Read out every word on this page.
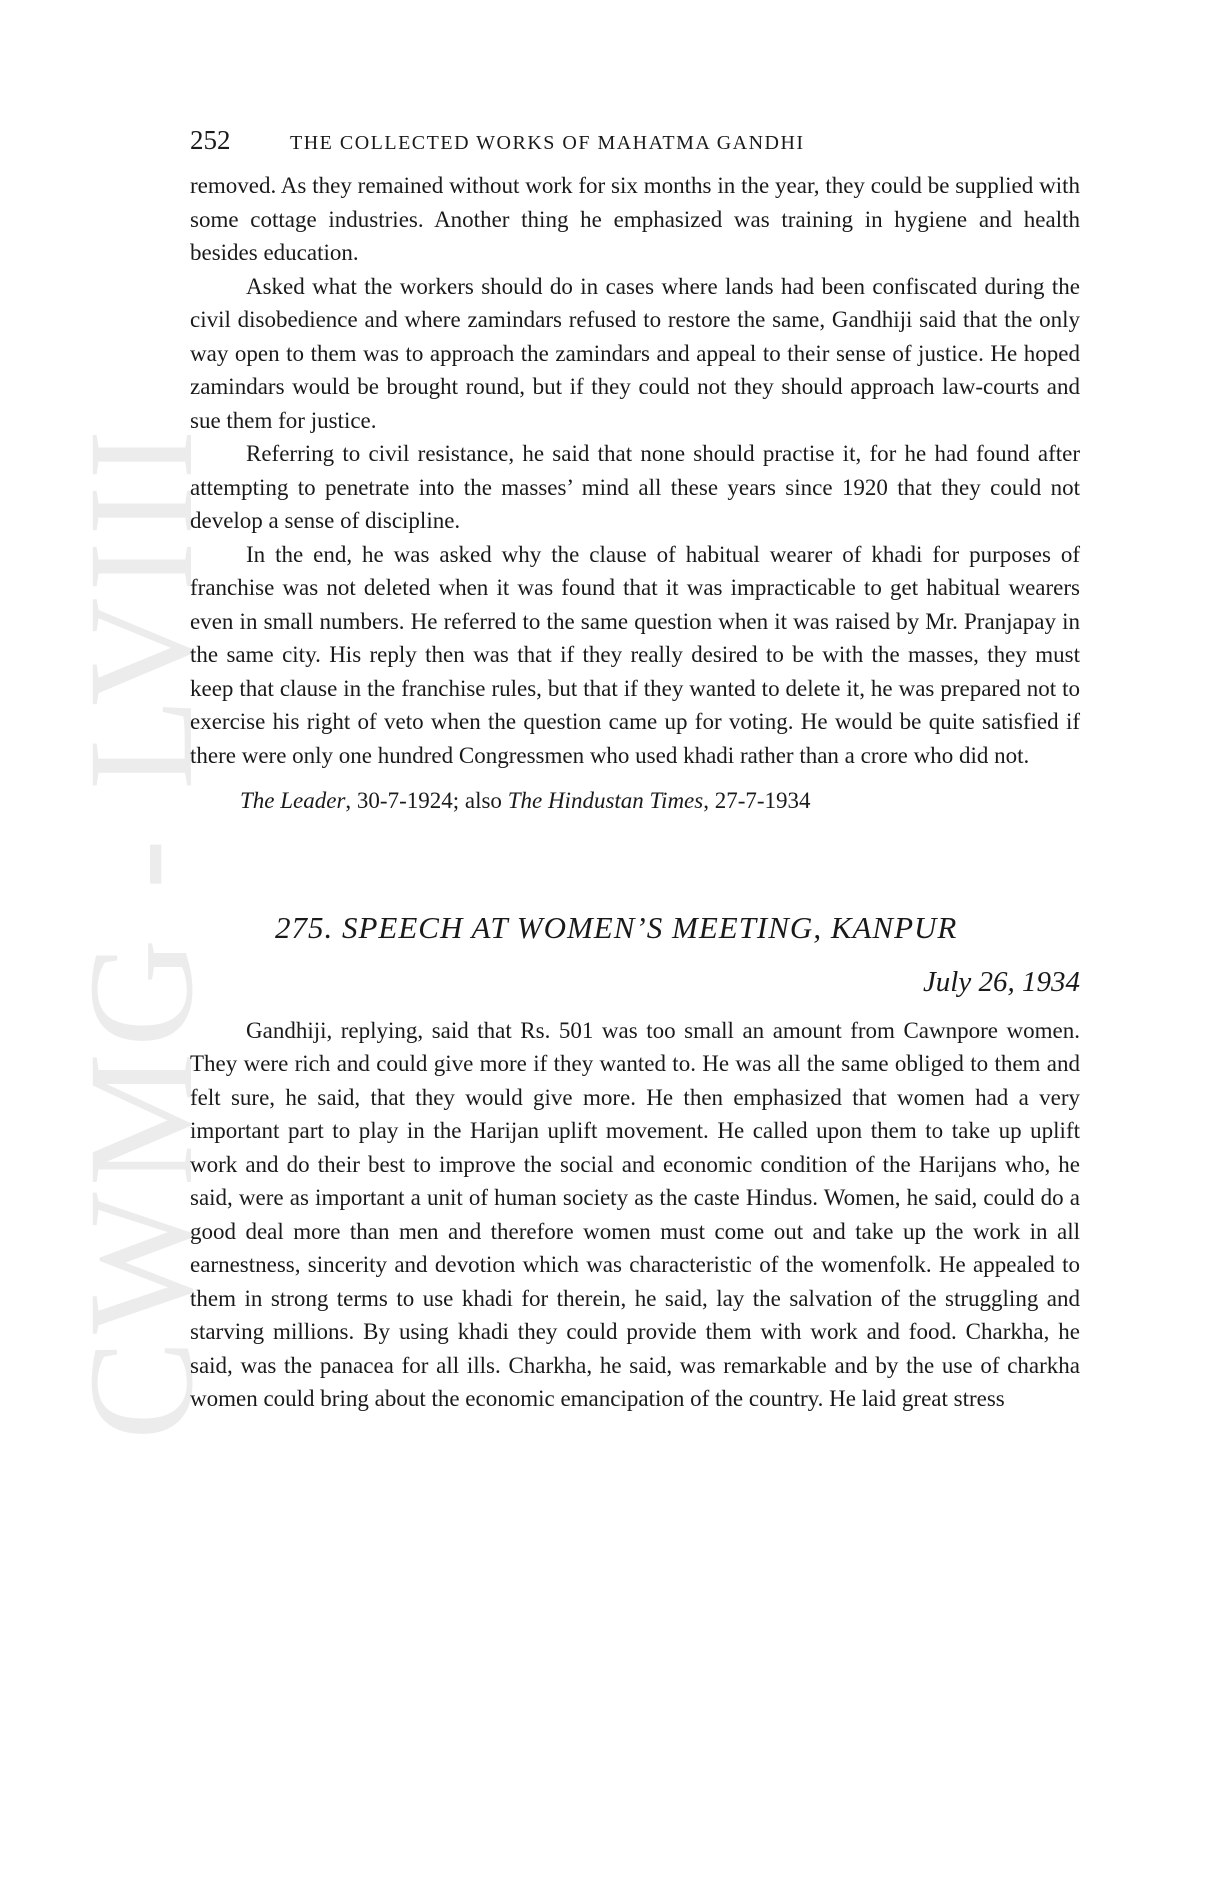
CWMG - LVIII
252	THE COLLECTED WORKS OF MAHATMA GANDHI

removed. As they remained without work for six months in the year, they could be supplied with some cottage industries. Another thing he emphasized was training in hygiene and health besides education.

Asked what the workers should do in cases where lands had been confiscated during the civil disobedience and where zamindars refused to restore the same, Gandhiji said that the only way open to them was to approach the zamindars and appeal to their sense of justice. He hoped zamindars would be brought round, but if they could not they should approach law-courts and sue them for justice.

Referring to civil resistance, he said that none should practise it, for he had found after attempting to penetrate into the masses’ mind all these years since 1920 that they could not develop a sense of discipline.

In the end, he was asked why the clause of habitual wearer of khadi for purposes of franchise was not deleted when it was found that it was impracticable to get habitual wearers even in small numbers. He referred to the same question when it was raised by Mr. Pranjapay in the same city. His reply then was that if they really desired to be with the masses, they must keep that clause in the franchise rules, but that if they wanted to delete it, he was prepared not to exercise his right of veto when the question came up for voting. He would be quite satisfied if there were only one hundred Congressmen who used khadi rather than a crore who did not.

The Leader, 30-7-1924; also The Hindustan Times, 27-7-1934
275. SPEECH AT WOMEN’S MEETING, KANPUR
July 26, 1934

Gandhiji, replying, said that Rs. 501 was too small an amount from Cawnpore women. They were rich and could give more if they wanted to. He was all the same obliged to them and felt sure, he said, that they would give more. He then emphasized that women had a very important part to play in the Harijan uplift movement. He called upon them to take up uplift work and do their best to improve the social and economic condition of the Harijans who, he said, were as important a unit of human society as the caste Hindus. Women, he said, could do a good deal more than men and therefore women must come out and take up the work in all earnestness, sincerity and devotion which was characteristic of the womenfolk. He appealed to them in strong terms to use khadi for therein, he said, lay the salvation of the struggling and starving millions. By using khadi they could provide them with work and food. Charkha, he said, was the panacea for all ills. Charkha, he said, was remarkable and by the use of charkha women could bring about the economic emancipation of the country. He laid great stress
